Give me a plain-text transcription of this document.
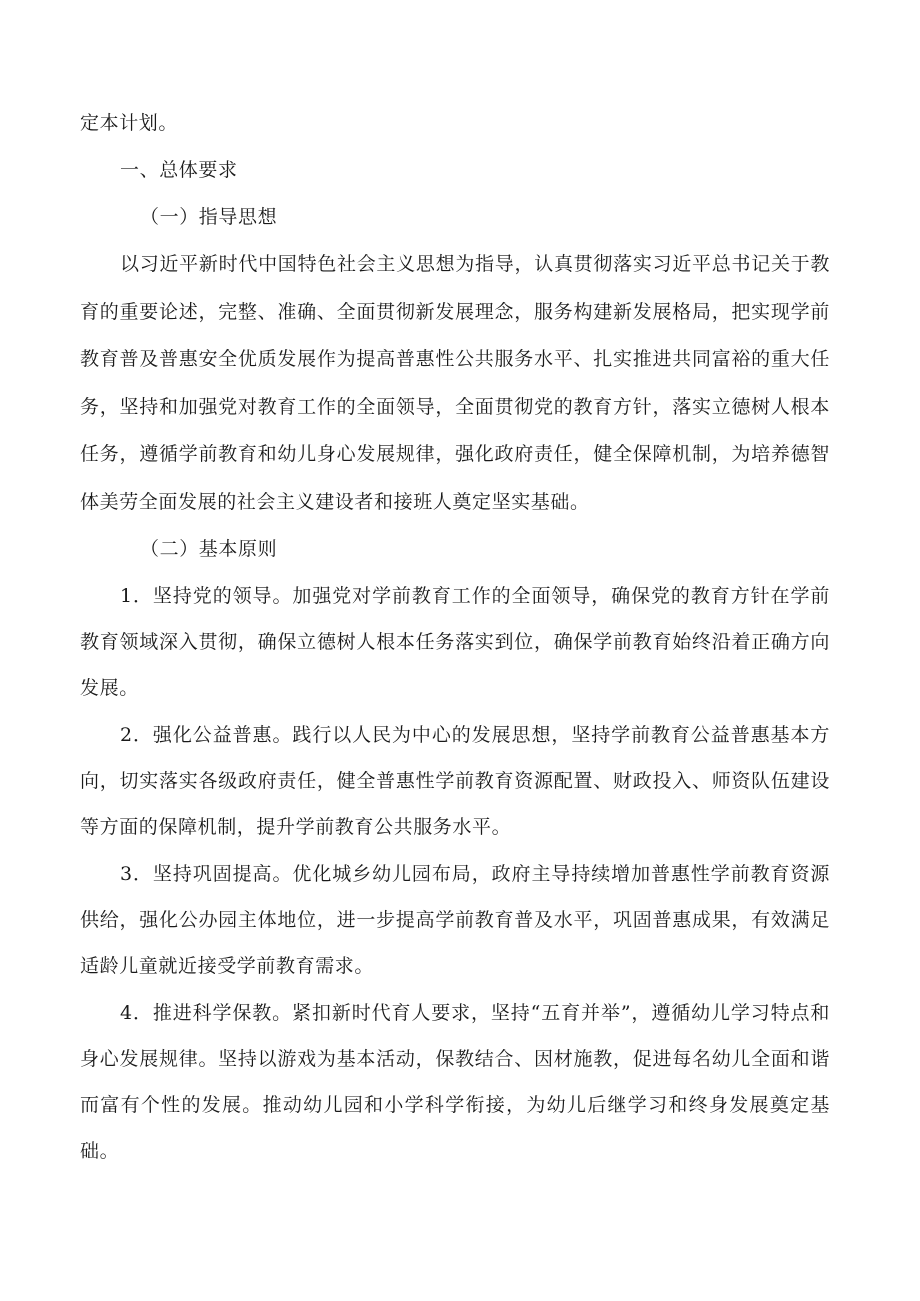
定本计划。

一、总体要求

（一）指导思想

以习近平新时代中国特色社会主义思想为指导，认真贯彻落实习近平总书记关于教育的重要论述，完整、准确、全面贯彻新发展理念，服务构建新发展格局，把实现学前教育普及普惠安全优质发展作为提高普惠性公共服务水平、扎实推进共同富裕的重大任务，坚持和加强党对教育工作的全面领导，全面贯彻党的教育方针，落实立德树人根本任务，遵循学前教育和幼儿身心发展规律，强化政府责任，健全保障机制，为培养德智体美劳全面发展的社会主义建设者和接班人奠定坚实基础。

（二）基本原则

1．坚持党的领导。加强党对学前教育工作的全面领导，确保党的教育方针在学前教育领域深入贯彻，确保立德树人根本任务落实到位，确保学前教育始终沿着正确方向发展。

2．强化公益普惠。践行以人民为中心的发展思想，坚持学前教育公益普惠基本方向，切实落实各级政府责任，健全普惠性学前教育资源配置、财政投入、师资队伍建设等方面的保障机制，提升学前教育公共服务水平。

3．坚持巩固提高。优化城乡幼儿园布局，政府主导持续增加普惠性学前教育资源供给，强化公办园主体地位，进一步提高学前教育普及水平，巩固普惠成果，有效满足适龄儿童就近接受学前教育需求。

4．推进科学保教。紧扣新时代育人要求，坚持“五育并举”，遵循幼儿学习特点和身心发展规律。坚持以游戏为基本活动，保教结合、因材施教，促进每名幼儿全面和谐而富有个性的发展。推动幼儿园和小学科学衔接，为幼儿后继学习和终身发展奠定基础。
